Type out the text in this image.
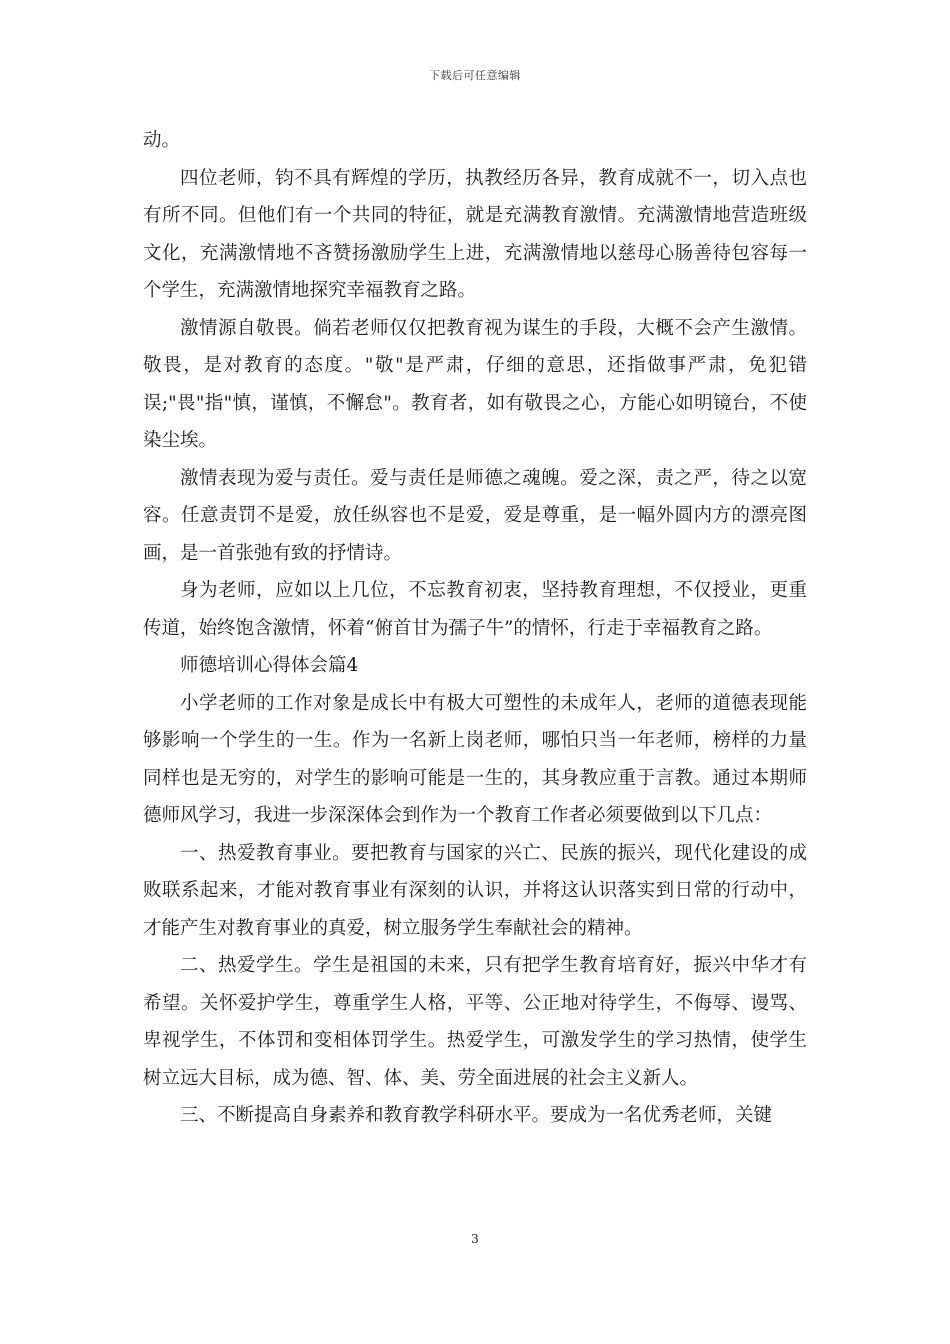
下载后可任意编辑

动。

四位老师，钧不具有辉煌的学历，执教经历各异，教育成就不一，切入点也有所不同。但他们有一个共同的特征，就是充满教育激情。充满激情地营造班级文化，充满激情地不吝赞扬激励学生上进，充满激情地以慈母心肠善待包容每一个学生，充满激情地探究幸福教育之路。

激情源自敬畏。倘若老师仅仅把教育视为谋生的手段，大概不会产生激情。敬畏，是对教育的态度。"敬"是严肃，仔细的意思，还指做事严肃，免犯错误;"畏"指"慎，谨慎，不懈怠"。教育者，如有敬畏之心，方能心如明镜台，不使染尘埃。

激情表现为爱与责任。爱与责任是师德之魂魄。爱之深，责之严，待之以宽容。任意责罚不是爱，放任纵容也不是爱，爱是尊重，是一幅外圆内方的漂亮图画，是一首张弛有致的抒情诗。

身为老师，应如以上几位，不忘教育初衷，坚持教育理想，不仅授业，更重传道，始终饱含激情，怀着“俯首甘为孺子牛”的情怀，行走于幸福教育之路。

师德培训心得体会篇4

小学老师的工作对象是成长中有极大可塑性的未成年人，老师的道德表现能够影响一个学生的一生。作为一名新上岗老师，哪怕只当一年老师，榜样的力量同样也是无穷的，对学生的影响可能是一生的，其身教应重于言教。通过本期师德师风学习，我进一步深深体会到作为一个教育工作者必须要做到以下几点：

一、热爱教育事业。要把教育与国家的兴亡、民族的振兴，现代化建设的成败联系起来，才能对教育事业有深刻的认识，并将这认识落实到日常的行动中，才能产生对教育事业的真爱，树立服务学生奉献社会的精神。

二、热爱学生。学生是祖国的未来，只有把学生教育培育好，振兴中华才有希望。关怀爱护学生，尊重学生人格，平等、公正地对待学生，不侮辱、谩骂、卑视学生，不体罚和变相体罚学生。热爱学生，可激发学生的学习热情，使学生树立远大目标，成为德、智、体、美、劳全面进展的社会主义新人。

三、不断提高自身素养和教育教学科研水平。要成为一名优秀老师，关键

3
